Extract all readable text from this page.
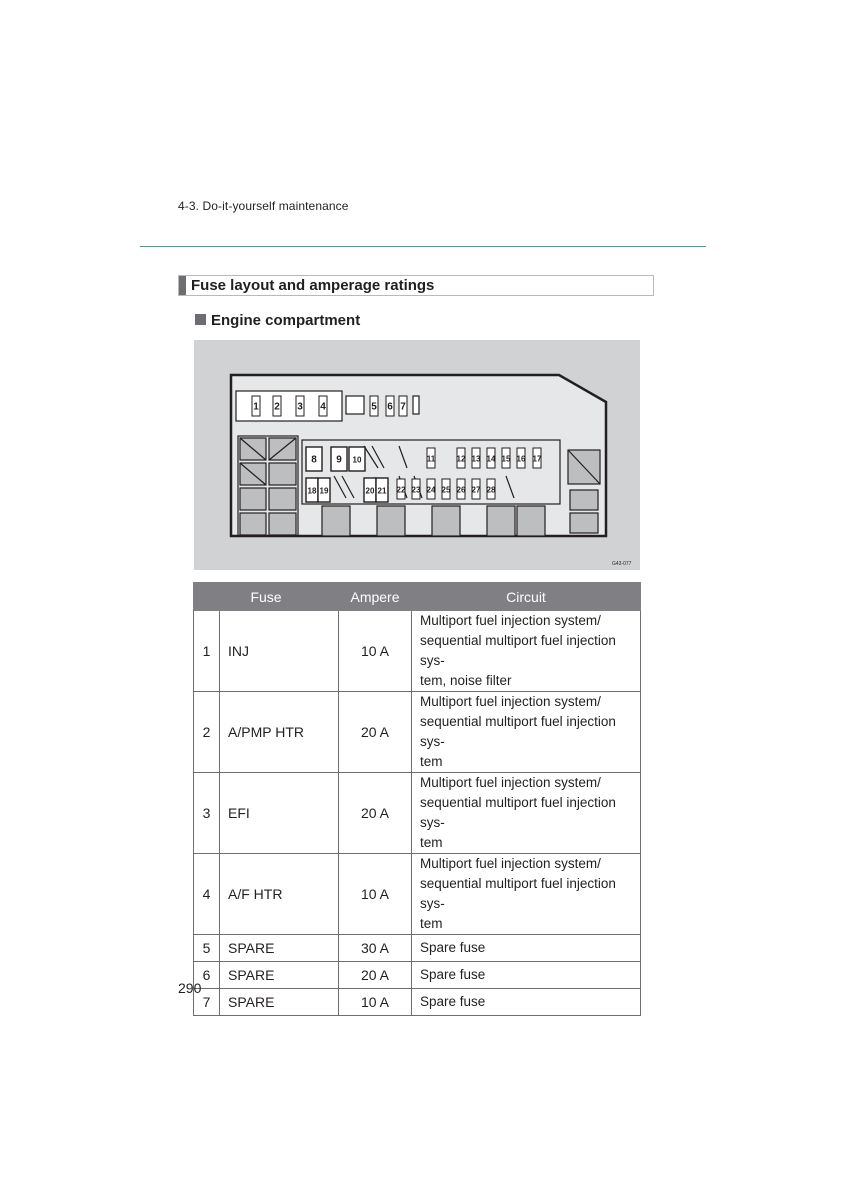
4-3. Do-it-yourself maintenance
Fuse layout and amperage ratings
Engine compartment
1 2 3 4	5 6 7
8 9 10	11	12 13 14 15 16 17
18 19	20 21 22 23 24 25 26 27 28
G43-077
Fuse		Ampere	Circuit
1	INJ	10 A	Multiport fuel injection system/
sequential multiport fuel injection sys-
tem, noise filter

2	A/PMP HTR	20 A	Multiport fuel injection system/
sequential multiport fuel injection sys-
tem

3	EFI	20 A	Multiport fuel injection system/
sequential multiport fuel injection sys-
tem

4	A/F HTR	10 A	Multiport fuel injection system/
sequential multiport fuel injection sys-
tem

5	SPARE	30 A	Spare fuse

6	SPARE	20 A	Spare fuse

7	SPARE	10 A	Spare fuse
290
